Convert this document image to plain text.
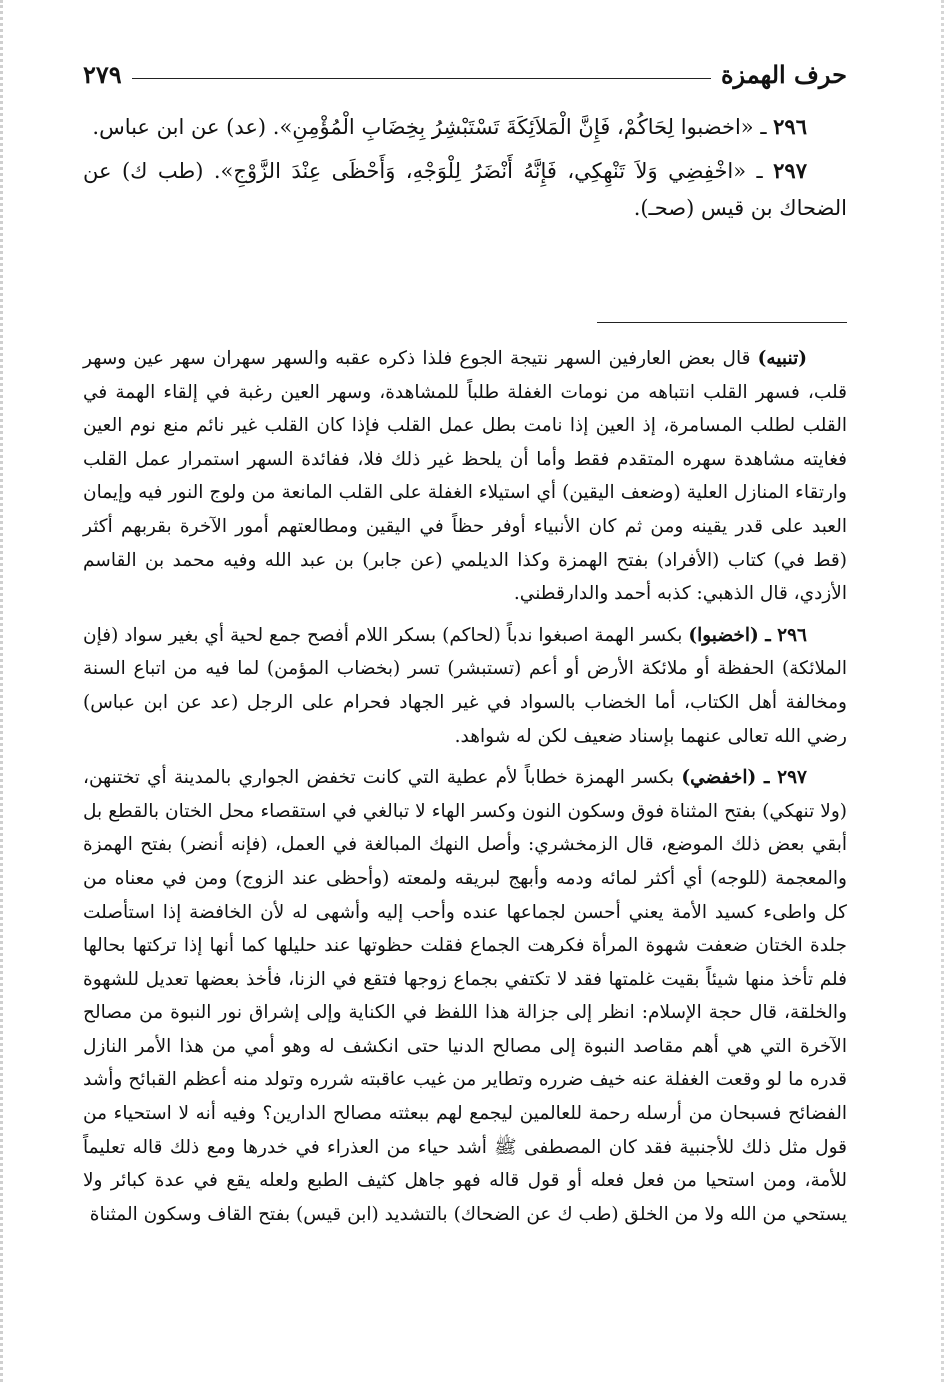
حرف الهمزة
٢٧٩

٢٩٦ ـ «اخضبوا لِحَاكُمْ، فَإِنَّ الْمَلاَئِكَةَ تَسْتَبْشِرُ بِخِضَابِ الْمُؤْمِنِ». (عد) عن ابن عباس.

٢٩٧ ـ «اخْفِضِي وَلاَ تَنْهِكِي، فَإِنَّهُ أَنْضَرُ لِلْوَجْهِ، وَأَحْظَى عِنْدَ الزَّوْجِ». (طب ك) عن الضحاك بن قيس (صحـ).

(تنبيه) قال بعض العارفين السهر نتيجة الجوع فلذا ذكره عقبه والسهر سهران سهر عين وسهر قلب، فسهر القلب انتباهه من نومات الغفلة طلباً للمشاهدة، وسهر العين رغبة في إلقاء الهمة في القلب لطلب المسامرة، إذ العين إذا نامت بطل عمل القلب فإذا كان القلب غير نائم منع نوم العين فغايته مشاهدة سهره المتقدم فقط وأما أن يلحظ غير ذلك فلا، ففائدة السهر استمرار عمل القلب وارتقاء المنازل العلية (وضعف اليقين) أي استيلاء الغفلة على القلب المانعة من ولوج النور فيه وإيمان العبد على قدر يقينه ومن ثم كان الأنبياء أوفر حظاً في اليقين ومطالعتهم أمور الآخرة بقربهم أكثر (قط في) كتاب (الأفراد) بفتح الهمزة وكذا الديلمي (عن جابر) بن عبد الله وفيه محمد بن القاسم الأزدي، قال الذهبي: كذبه أحمد والدارقطني.

٢٩٦ ـ (اخضبوا) بكسر الهمة اصبغوا ندباً (لحاكم) بسكر اللام أفصح جمع لحية أي بغير سواد (فإن الملائكة) الحفظة أو ملائكة الأرض أو أعم (تستبشر) تسر (بخضاب المؤمن) لما فيه من اتباع السنة ومخالفة أهل الكتاب، أما الخضاب بالسواد في غير الجهاد فحرام على الرجل (عد عن ابن عباس) رضي الله تعالى عنهما بإسناد ضعيف لكن له شواهد.

٢٩٧ ـ (اخفضي) بكسر الهمزة خطاباً لأم عطية التي كانت تخفض الجواري بالمدينة أي تختنهن، (ولا تنهكي) بفتح المثناة فوق وسكون النون وكسر الهاء لا تبالغي في استقصاء محل الختان بالقطع بل أبقي بعض ذلك الموضع، قال الزمخشري: وأصل النهك المبالغة في العمل، (فإنه أنضر) بفتح الهمزة والمعجمة (للوجه) أي أكثر لمائه ودمه وأبهج لبريقه ولمعته (وأحظى عند الزوج) ومن في معناه من كل واطىء كسيد الأمة يعني أحسن لجماعها عنده وأحب إليه وأشهى له لأن الخافضة إذا استأصلت جلدة الختان ضعفت شهوة المرأة فكرهت الجماع فقلت حظوتها عند حليلها كما أنها إذا تركتها بحالها فلم تأخذ منها شيئاً بقيت غلمتها فقد لا تكتفي بجماع زوجها فتقع في الزنا، فأخذ بعضها تعديل للشهوة والخلقة، قال حجة الإسلام: انظر إلى جزالة هذا اللفظ في الكناية وإلى إشراق نور النبوة من مصالح الآخرة التي هي أهم مقاصد النبوة إلى مصالح الدنيا حتى انكشف له وهو أمي من هذا الأمر النازل قدره ما لو وقعت الغفلة عنه خيف ضرره وتطاير من غيب عاقبته شرره وتولد منه أعظم القبائح وأشد الفضائح فسبحان من أرسله رحمة للعالمين ليجمع لهم ببعثته مصالح الدارين؟ وفيه أنه لا استحياء من قول مثل ذلك للأجنبية فقد كان المصطفى ﷺ أشد حياء من العذراء في خدرها ومع ذلك قاله تعليماً للأمة، ومن استحيا من فعل فعله أو قول قاله فهو جاهل كثيف الطبع ولعله يقع في عدة كبائر ولا يستحي من الله ولا من الخلق (طب ك عن الضحاك) بالتشديد (ابن قيس) بفتح القاف وسكون المثناة
